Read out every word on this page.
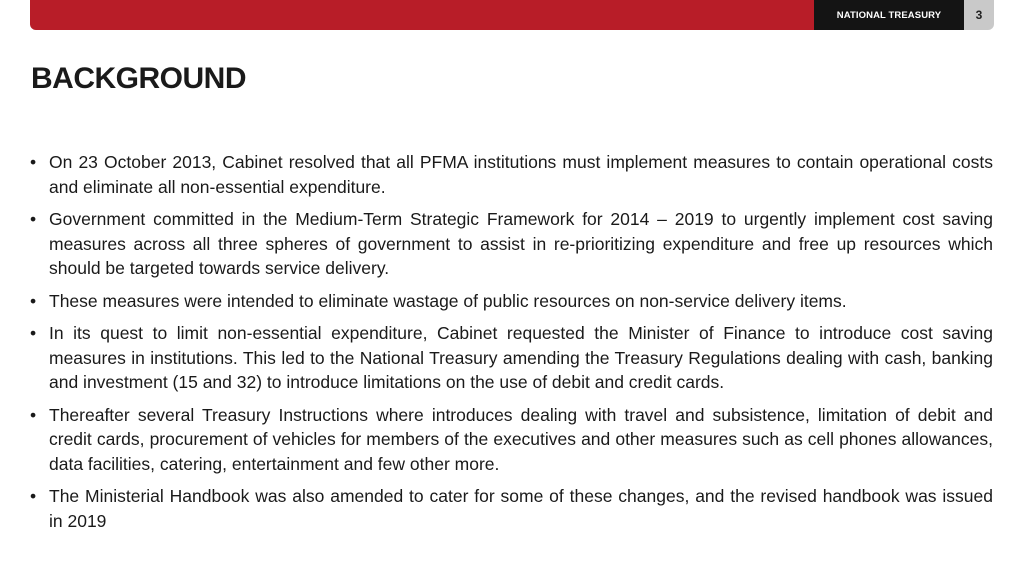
NATIONAL TREASURY	3
BACKGROUND
• On 23 October 2013, Cabinet resolved that all PFMA institutions must implement measures to contain operational costs and eliminate all non-essential expenditure.
• Government committed in the Medium-Term Strategic Framework for 2014 – 2019 to urgently implement cost saving measures across all three spheres of government to assist in re-prioritizing expenditure and free up resources which should be targeted towards service delivery.
• These measures were intended to eliminate wastage of public resources on non-service delivery items.
• In its quest to limit non-essential expenditure, Cabinet requested the Minister of Finance to introduce cost saving measures in institutions. This led to the National Treasury amending the Treasury Regulations dealing with cash, banking and investment (15 and 32) to introduce limitations on the use of debit and credit cards.
• Thereafter several Treasury Instructions where introduces dealing with travel and subsistence, limitation of debit and credit cards, procurement of vehicles for members of the executives and other measures such as cell phones allowances, data facilities, catering, entertainment and few other more.
• The Ministerial Handbook was also amended to cater for some of these changes, and the revised handbook was issued in 2019
